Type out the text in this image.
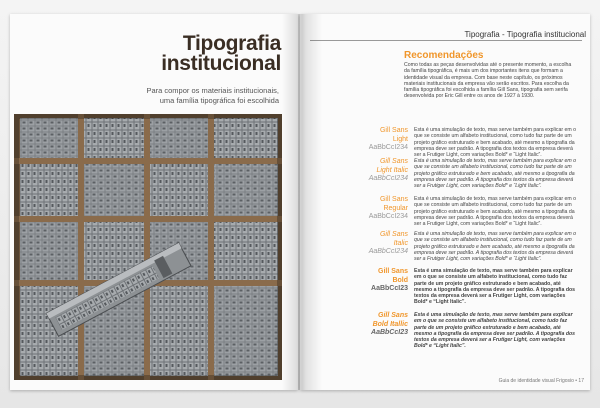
Tipografia
institucional
Para compor os materiais institucionais, uma família tipográfica foi escolhida
Tipografia - Tipografia institucional
Recomendações
Como todas as peças desenvolvidas até o presente momento, a escolha da família tipográfica, é mais um dos importantes itens que formam a identidade visual da empresa. Com base neste capítulo, os próximos materiais institucionais da empresa vão serão escritos. Para escolha da família tipográfica foi escolhida a família Gill Sans, tipografia sem serifa desenvolvida por Eric Gill entre os anos de 1927 à 1930.
Gill Sans
Light
AaBbCcI234
Esta é uma simulação de texto, mas serve também para explicar em o que se consiste um alfabeto institucional, como tudo faz parte de um projeto gráfico estruturado e bem acabado, até mesmo a tipografia da empresa deve ser padrão. A tipografia dos textos da empresa deverá ser a Frutiger Light, com variações Bold* e “Light Italic”.
Gill Sans
Light Italic
AaBbCcI234
Esta é uma simulação de texto, mas serve também para explicar em o que se consiste um alfabeto institucional, como tudo faz parte de um projeto gráfico estruturado e bem acabado, até mesmo a tipografia da empresa deve ser padrão. A tipografia dos textos da empresa deverá ser a Frutiger Light, com variações Bold* e “Light Italic”.
Gill Sans
Regular
AaBbCcI234
Esta é uma simulação de texto, mas serve também para explicar em o que se consiste um alfabeto institucional, como tudo faz parte de um projeto gráfico estruturado e bem acabado, até mesmo a tipografia da empresa deve ser padrão. A tipografia dos textos da empresa deverá ser a Frutiger Light, com variações Bold* e “Light Italic”.
Gill Sans
Italic
AaBbCcI234
Esta é uma simulação de texto, mas serve também para explicar em o que se consiste um alfabeto institucional, como tudo faz parte de um projeto gráfico estruturado e bem acabado, até mesmo a tipografia da empresa deve ser padrão. A tipografia dos textos da empresa deverá ser a Frutiger Light, com variações Bold* e “Light Italic”.
Gill Sans
Bold
AaBbCcI23
Esta é uma simulação de texto, mas serve também para explicar em o que se consiste um alfabeto institucional, como tudo faz parte de um projeto gráfico estruturado e bem acabado, até mesmo a tipografia da empresa deve ser padrão. A tipografia dos textos da empresa deverá ser a Frutiger Light, com variações Bold* e “Light Italic”.
Gill Sans
Bold Itallic
AaBbCcI23
Esta é uma simulação de texto, mas serve também para explicar em o que se consiste um alfabeto institucional, como tudo faz parte de um projeto gráfico estruturado e bem acabado, até mesmo a tipografia da empresa deve ser padrão. A tipografia dos textos da empresa deverá ser a Frutiger Light, com variações Bold* e “Light Italic”.
Guia de identidade visual Frigosio • 17
